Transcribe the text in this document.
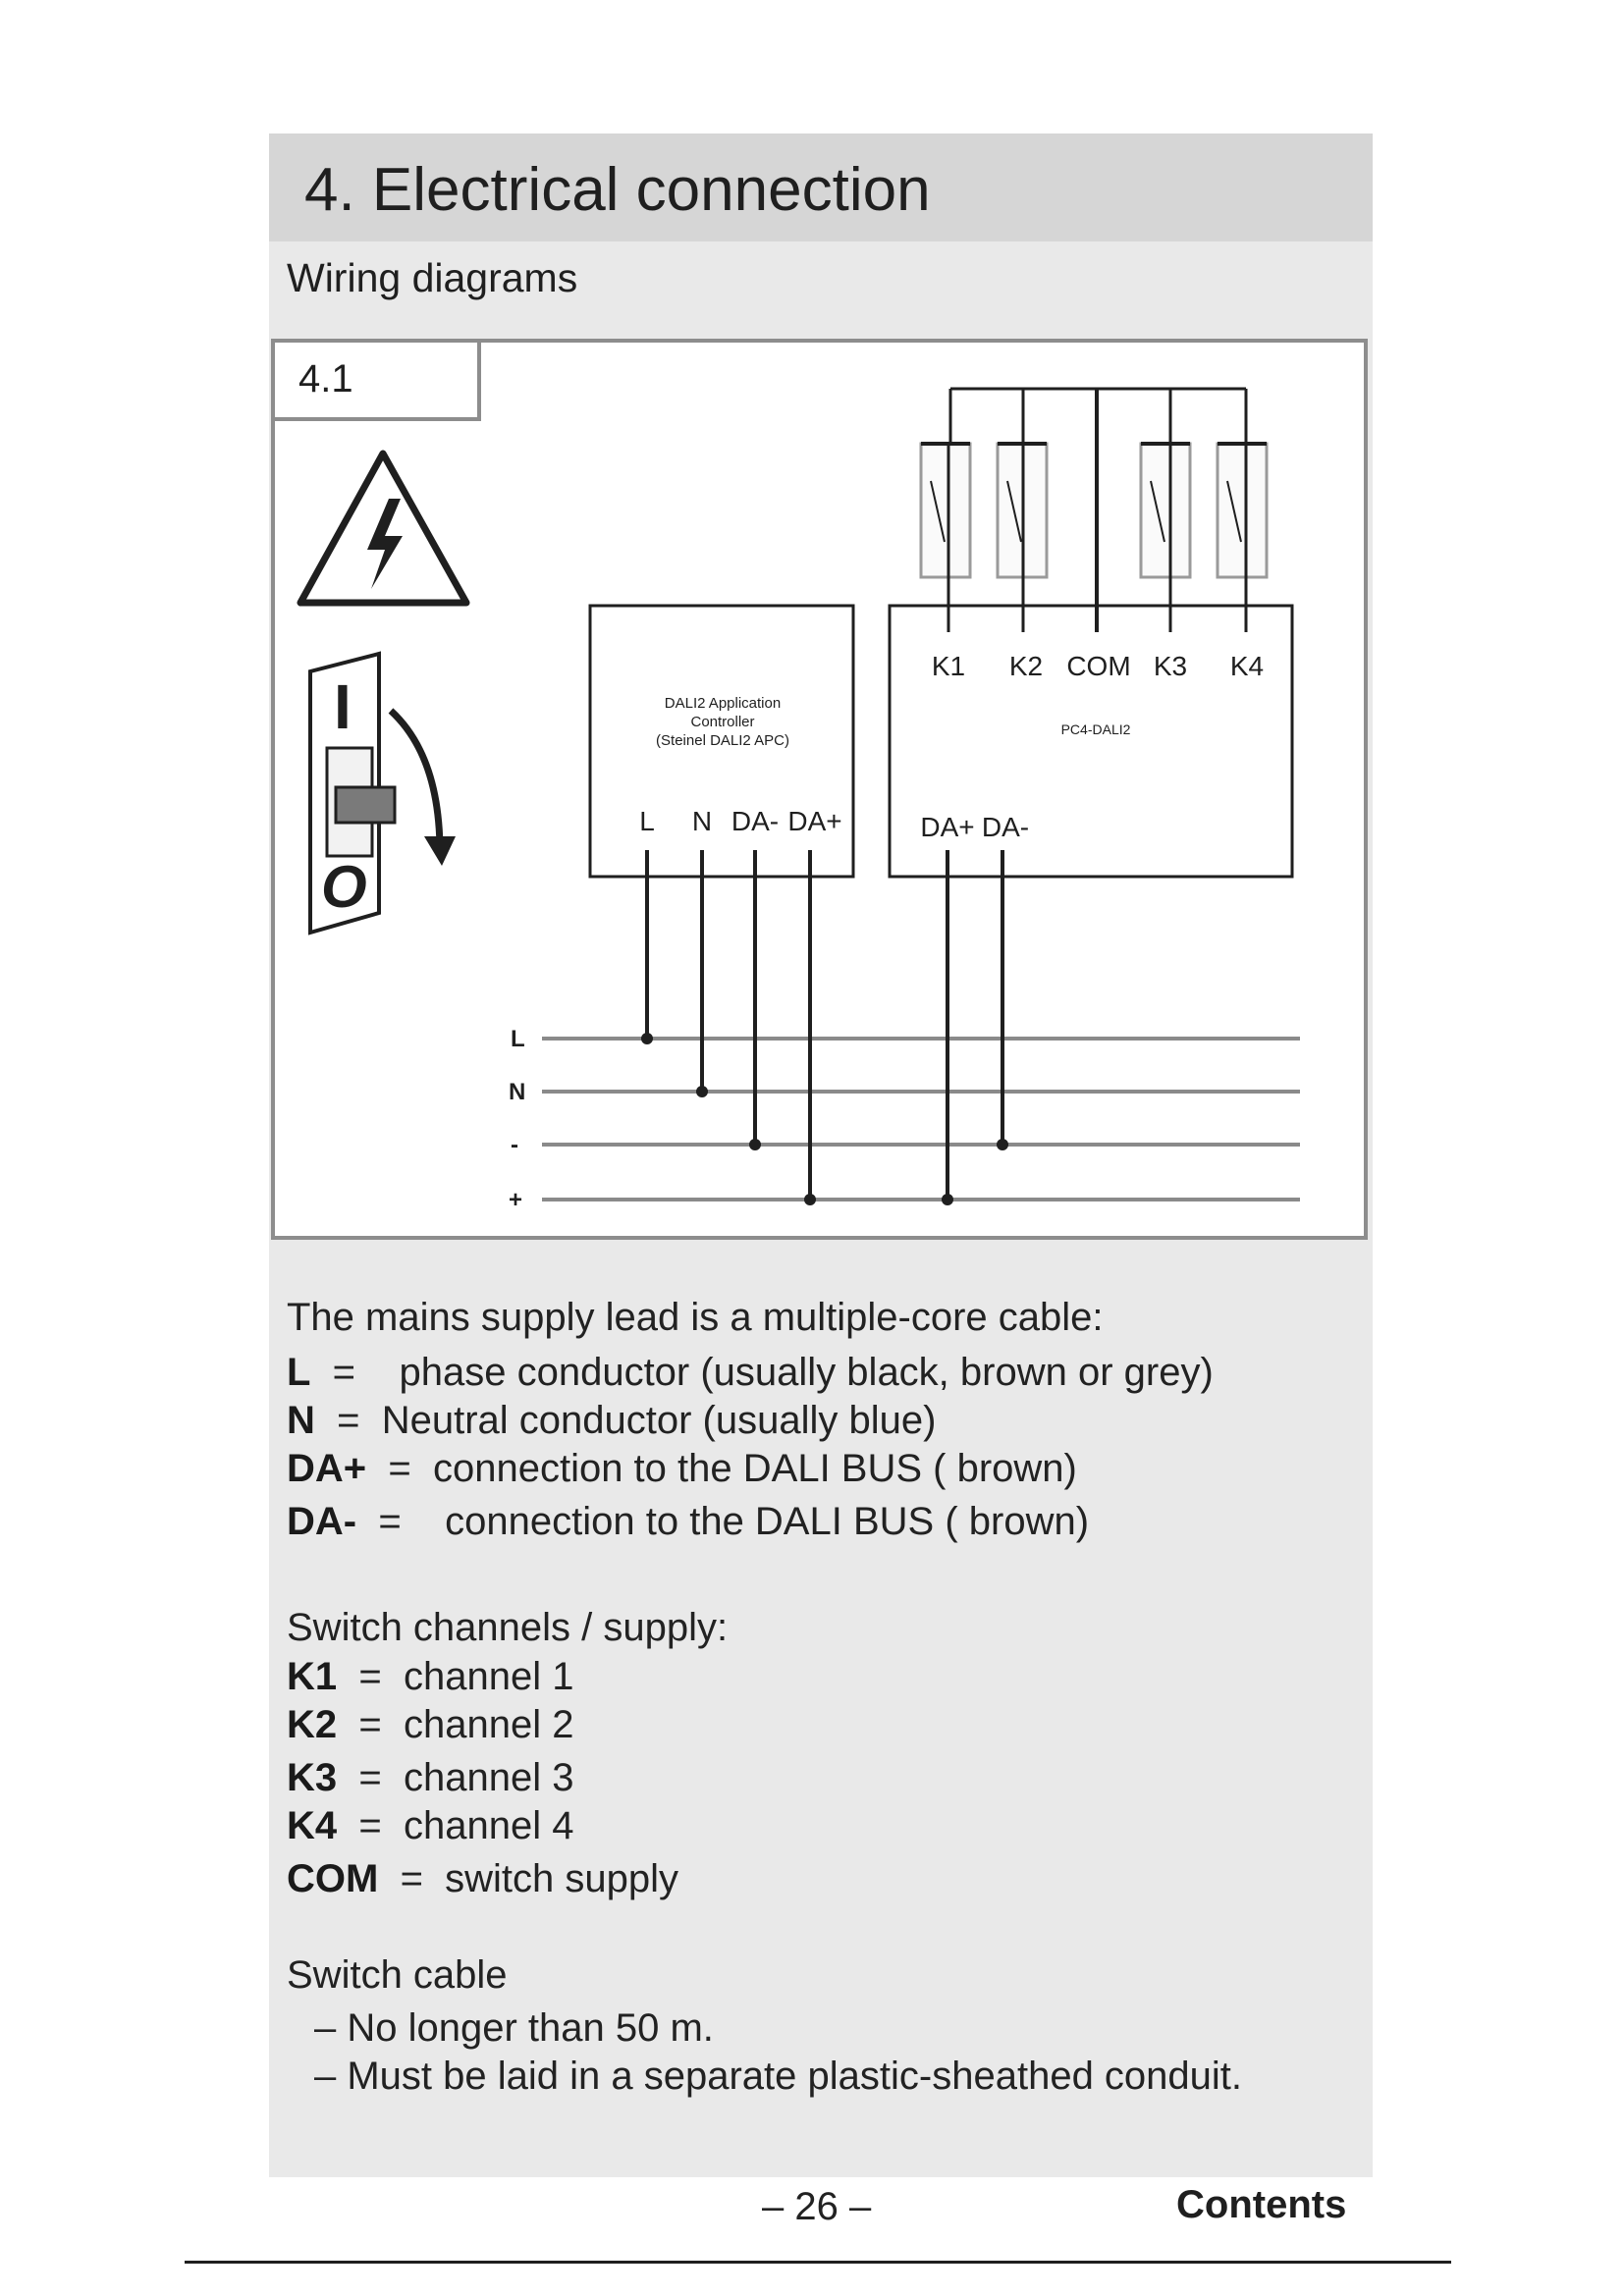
4. Electrical connection
Wiring diagrams
4.1
I
O
DALI2 Application
Controller
(Steinel DALI2 APC)
L N DA- DA+
PC4-DALI2
K1 K2 COM K3 K4
DA+ DA-
L
N
-
+
The mains supply lead is a multiple-core cable:
L = phase conductor (usually black, brown or grey)
N = Neutral conductor (usually blue)
DA+ = connection to the DALI BUS ( brown)
DA- = connection to the DALI BUS ( brown)
Switch channels / supply:
K1 = channel 1
K2 = channel 2
K3 = channel 3
K4 = channel 4
COM = switch supply
Switch cable
– No longer than 50 m.
– Must be laid in a separate plastic-sheathed conduit.
– 26 –	Contents
